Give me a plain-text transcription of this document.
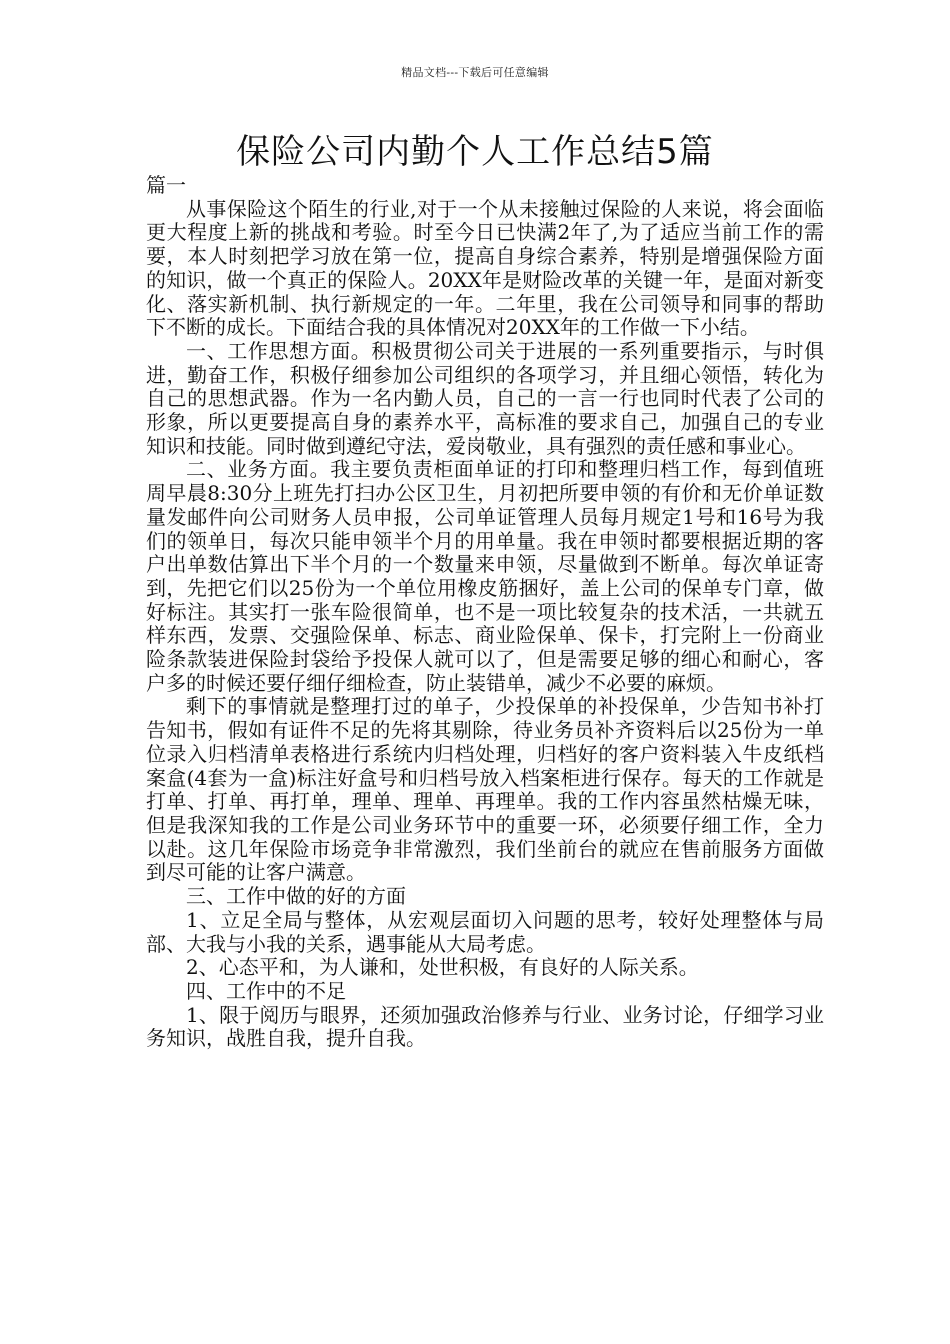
精品文档---下载后可任意编辑
保险公司内勤个人工作总结5篇

篇一

从事保险这个陌生的行业,对于一个从未接触过保险的人来说，将会面临更大程度上新的挑战和考验。时至今日已快满2年了,为了适应当前工作的需要，本人时刻把学习放在第一位，提高自身综合素养，特别是增强保险方面的知识，做一个真正的保险人。20XX年是财险改革的关键一年，是面对新变化、落实新机制、执行新规定的一年。二年里，我在公司领导和同事的帮助下不断的成长。下面结合我的具体情况对20XX年的工作做一下小结。

一、工作思想方面。积极贯彻公司关于进展的一系列重要指示，与时俱进，勤奋工作，积极仔细参加公司组织的各项学习，并且细心领悟，转化为自己的思想武器。作为一名内勤人员，自己的一言一行也同时代表了公司的形象，所以更要提高自身的素养水平，高标准的要求自己，加强自己的专业知识和技能。同时做到遵纪守法，爱岗敬业，具有强烈的责任感和事业心。

二、业务方面。我主要负责柜面单证的打印和整理归档工作，每到值班周早晨8:30分上班先打扫办公区卫生，月初把所要申领的有价和无价单证数量发邮件向公司财务人员申报，公司单证管理人员每月规定1号和16号为我们的领单日，每次只能申领半个月的用单量。我在申领时都要根据近期的客户出单数估算出下半个月的一个数量来申领，尽量做到不断单。每次单证寄到，先把它们以25份为一个单位用橡皮筋捆好，盖上公司的保单专门章，做好标注。其实打一张车险很简单，也不是一项比较复杂的技术活，一共就五样东西，发票、交强险保单、标志、商业险保单、保卡，打完附上一份商业险条款装进保险封袋给予投保人就可以了，但是需要足够的细心和耐心，客户多的时候还要仔细仔细检查，防止装错单，减少不必要的麻烦。

剩下的事情就是整理打过的单子，少投保单的补投保单，少告知书补打告知书，假如有证件不足的先将其剔除，待业务员补齐资料后以25份为一单位录入归档清单表格进行系统内归档处理，归档好的客户资料装入牛皮纸档案盒(4套为一盒)标注好盒号和归档号放入档案柜进行保存。每天的工作就是打单、打单、再打单，理单、理单、再理单。我的工作内容虽然枯燥无味，但是我深知我的工作是公司业务环节中的重要一环，必须要仔细工作，全力以赴。这几年保险市场竞争非常激烈，我们坐前台的就应在售前服务方面做到尽可能的让客户满意。

三、工作中做的好的方面

1、立足全局与整体，从宏观层面切入问题的思考，较好处理整体与局部、大我与小我的关系，遇事能从大局考虑。

2、心态平和，为人谦和，处世积极，有良好的人际关系。

四、工作中的不足

1、限于阅历与眼界，还须加强政治修养与行业、业务讨论，仔细学习业务知识，战胜自我，提升自我。
